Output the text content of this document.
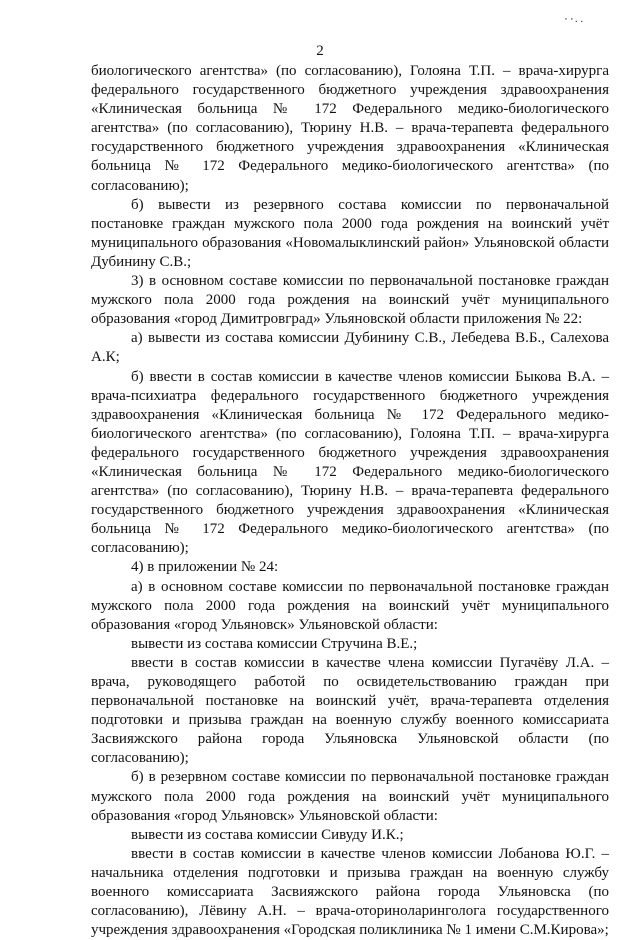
٠٠. .
2

биологического агентства» (по согласованию), Голояна Т.П. – врача-хирурга федерального государственного бюджетного учреждения здравоохранения «Клиническая больница № 172 Федерального медико-биологического агентства» (по согласованию), Тюрину Н.В. – врача-терапевта федерального государственного бюджетного учреждения здравоохранения «Клиническая больница № 172 Федерального медико-биологического агентства» (по согласованию);

б) вывести из резервного состава комиссии по первоначальной постановке граждан мужского пола 2000 года рождения на воинский учёт муниципального образования «Новомалыклинский район» Ульяновской области Дубинину С.В.;

3) в основном составе комиссии по первоначальной постановке граждан мужского пола 2000 года рождения на воинский учёт муниципального образования «город Димитровград» Ульяновской области приложения № 22:

а) вывести из состава комиссии Дубинину С.В., Лебедева В.Б., Салехова А.К;

б) ввести в состав комиссии в качестве членов комиссии Быкова В.А. – врача-психиатра федерального государственного бюджетного учреждения здравоохранения «Клиническая больница № 172 Федерального медико-биологического агентства» (по согласованию), Голояна Т.П. – врача-хирурга федерального государственного бюджетного учреждения здравоохранения «Клиническая больница № 172 Федерального медико-биологического агентства» (по согласованию), Тюрину Н.В. – врача-терапевта федерального государственного бюджетного учреждения здравоохранения «Клиническая больница № 172 Федерального медико-биологического агентства» (по согласованию);

4) в приложении № 24:

а) в основном составе комиссии по первоначальной постановке граждан мужского пола 2000 года рождения на воинский учёт муниципального образования «город Ульяновск» Ульяновской области:

вывести из состава комиссии Стручина В.Е.;

ввести в состав комиссии в качестве члена комиссии Пугачёву Л.А. – врача, руководящего работой по освидетельствованию граждан при первоначальной постановке на воинский учёт, врача-терапевта отделения подготовки и призыва граждан на военную службу военного комиссариата Засвияжского района города Ульяновска Ульяновской области (по согласованию);

б) в резервном составе комиссии по первоначальной постановке граждан мужского пола 2000 года рождения на воинский учёт муниципального образования «город Ульяновск» Ульяновской области:

вывести из состава комиссии Сивуду И.К.;

ввести в состав комиссии в качестве членов комиссии Лобанова Ю.Г. – начальника отделения подготовки и призыва граждан на военную службу военного комиссариата Засвияжского района города Ульяновска (по согласованию), Лёвину А.Н. – врача-оториноларинголога государственного учреждения здравоохранения «Городская поликлиника № 1 имени С.М.Кирова»;
